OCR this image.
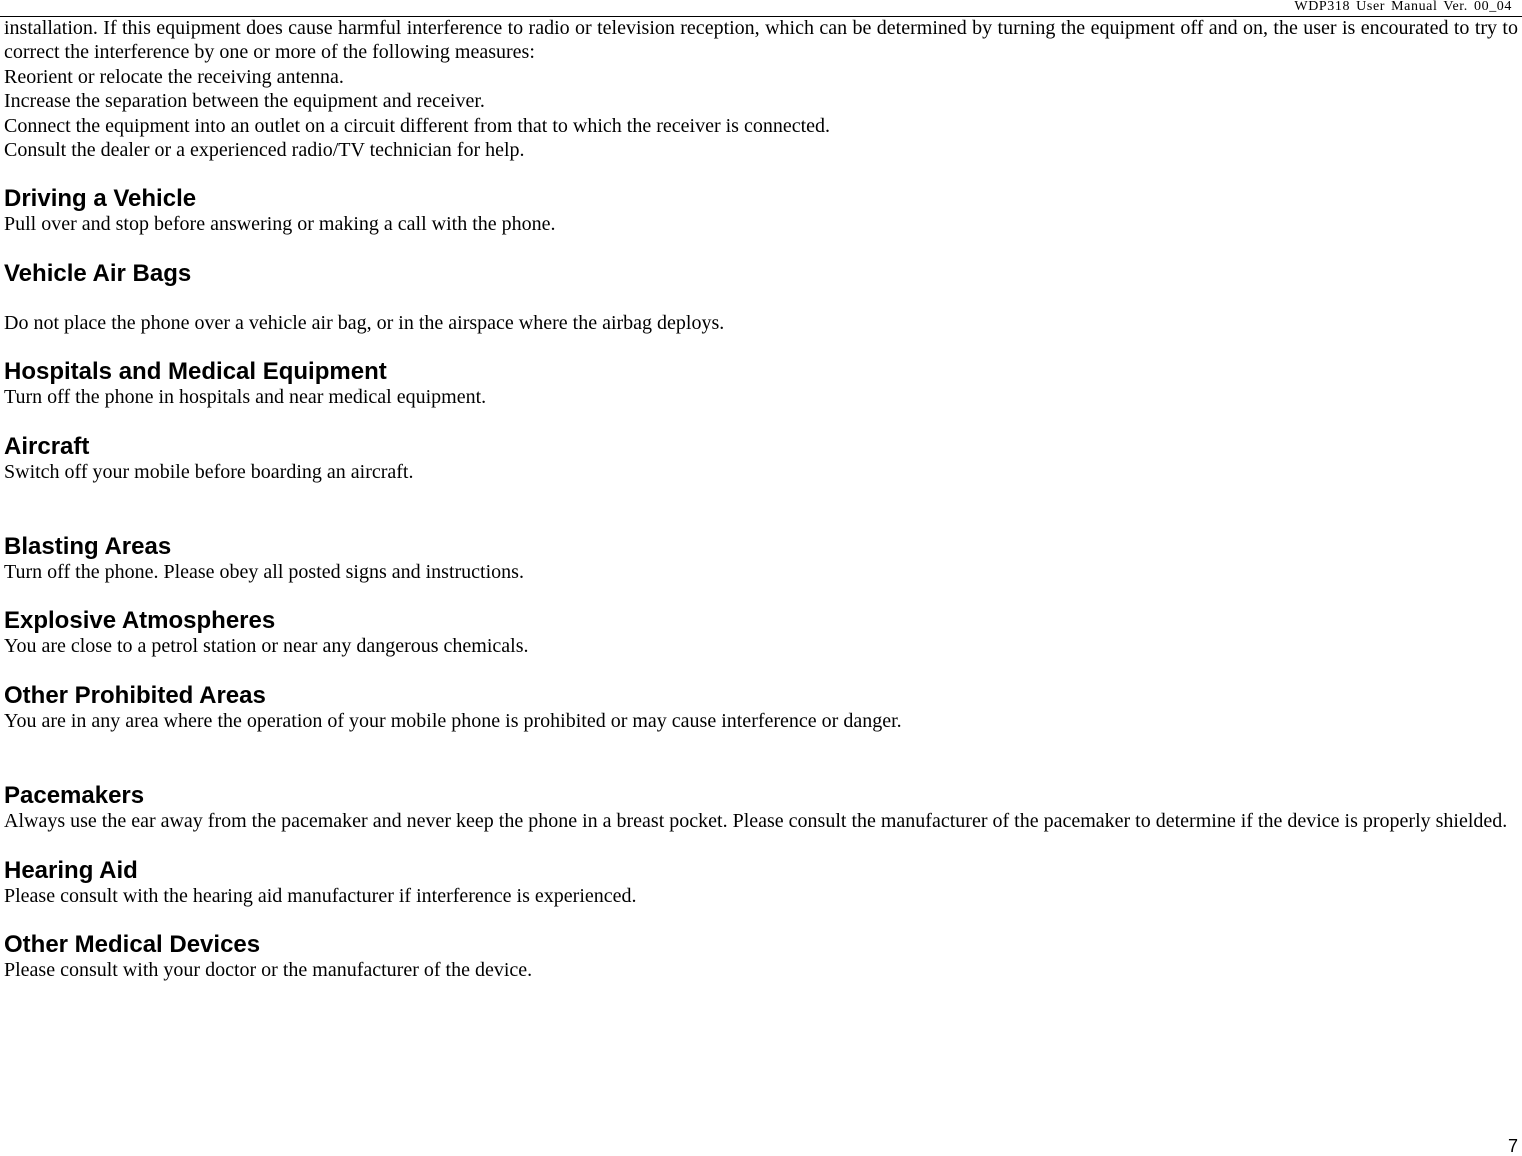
WDP318 User Manual Ver. 00_04

installation. If this equipment does cause harmful interference to radio or television reception, which can be determined by turning the equipment off and on, the user is encourated to try to correct the interference by one or more of the following measures:

Reorient or relocate the receiving antenna.

Increase the separation between the equipment and receiver.

Connect the equipment into an outlet on a circuit different from that to which the receiver is connected.

Consult the dealer or a experienced radio/TV technician for help.

Driving a Vehicle

Pull over and stop before answering or making a call with the phone.

Vehicle Air Bags

Do not place the phone over a vehicle air bag, or in the airspace where the airbag deploys.

Hospitals and Medical Equipment

Turn off the phone in hospitals and near medical equipment.

Aircraft

Switch off your mobile before boarding an aircraft.

Blasting Areas

Turn off the phone. Please obey all posted signs and instructions.

Explosive Atmospheres

You are close to a petrol station or near any dangerous chemicals.

Other Prohibited Areas

You are in any area where the operation of your mobile phone is prohibited or may cause interference or danger.

Pacemakers

Always use the ear away from the pacemaker and never keep the phone in a breast pocket. Please consult the manufacturer of the pacemaker to determine if the device is properly shielded.

Hearing Aid

Please consult with the hearing aid manufacturer if interference is experienced.

Other Medical Devices

Please consult with your doctor or the manufacturer of the device.

7
